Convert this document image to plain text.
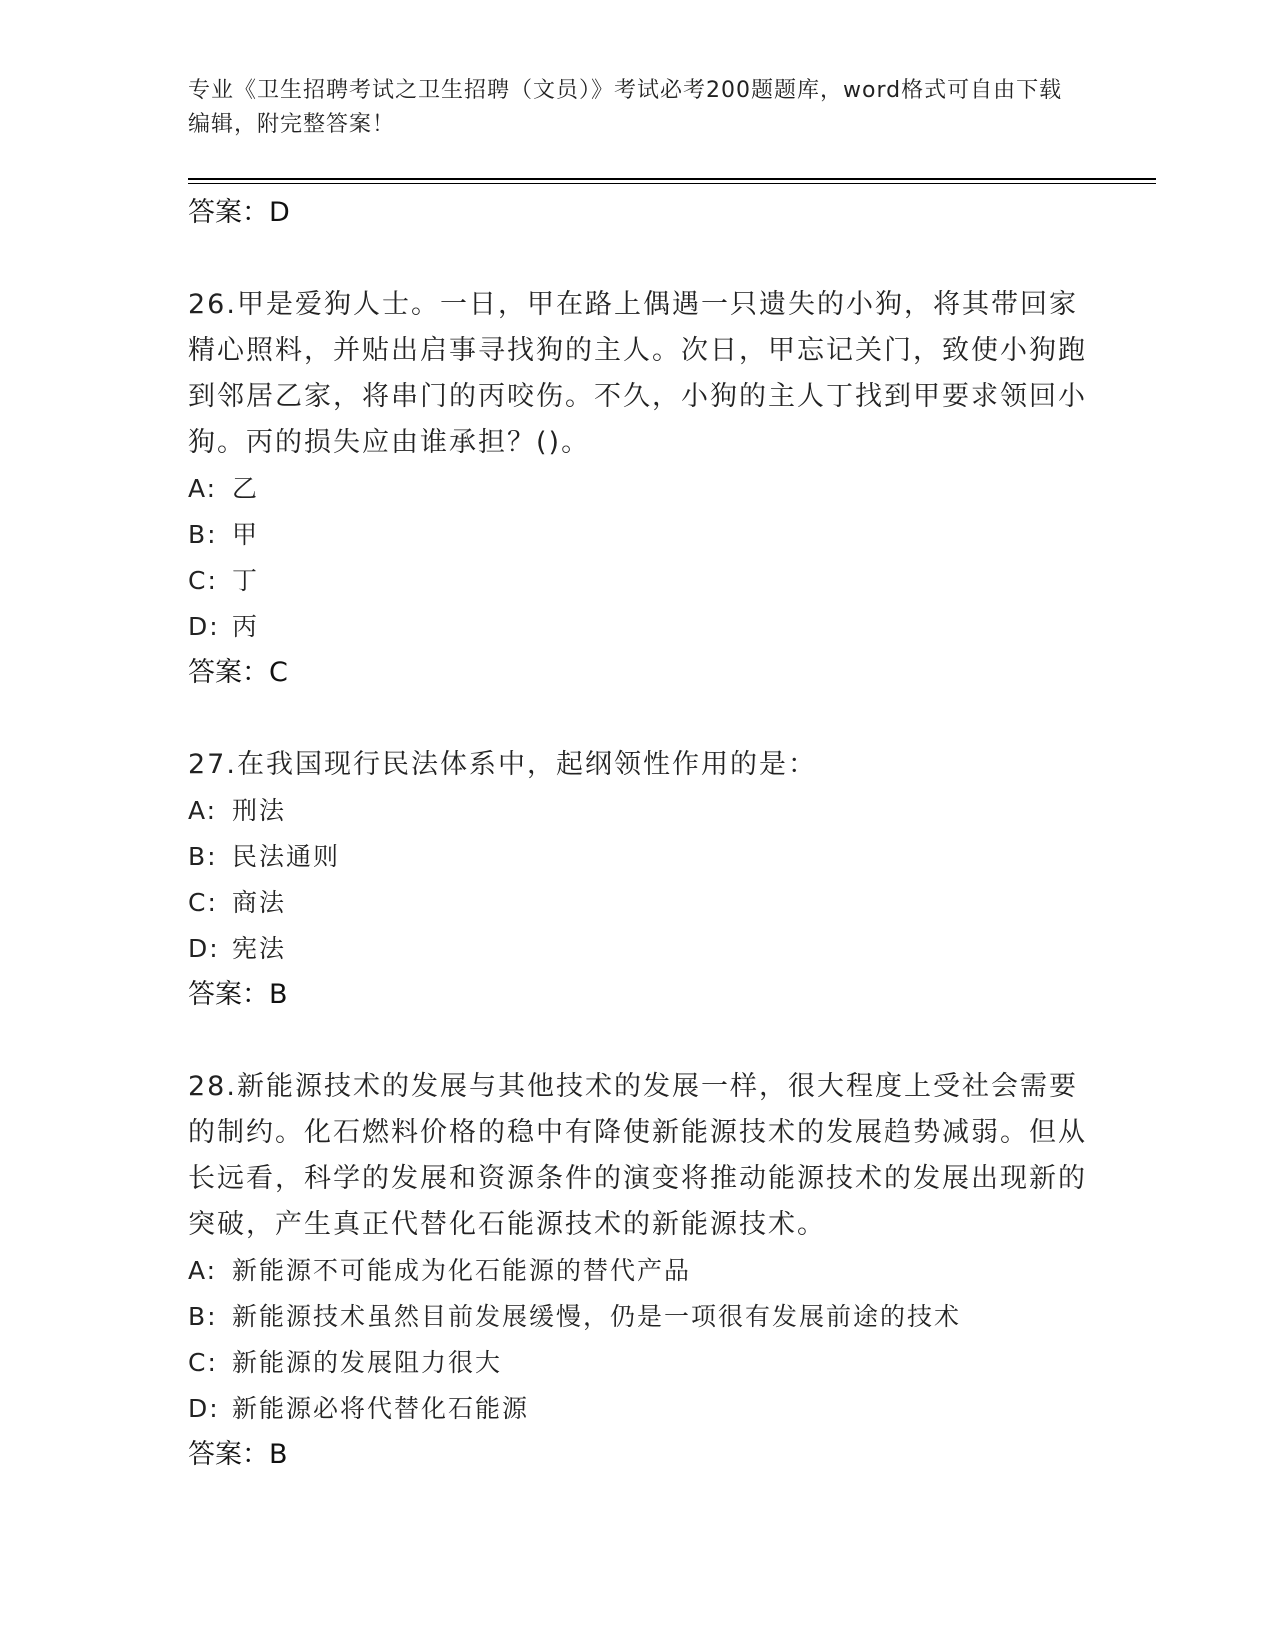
专业《卫生招聘考试之卫生招聘（文员）》考试必考200题题库，word格式可自由下载编辑，附完整答案！
答案：D
26.甲是爱狗人士。一日，甲在路上偶遇一只遗失的小狗，将其带回家精心照料，并贴出启事寻找狗的主人。次日，甲忘记关门，致使小狗跑到邻居乙家，将串门的丙咬伤。不久，小狗的主人丁找到甲要求领回小狗。丙的损失应由谁承担？()。
A: 乙
B: 甲
C: 丁
D: 丙
答案：C
27.在我国现行民法体系中，起纲领性作用的是：
A: 刑法
B: 民法通则
C: 商法
D: 宪法
答案：B
28.新能源技术的发展与其他技术的发展一样，很大程度上受社会需要的制约。化石燃料价格的稳中有降使新能源技术的发展趋势减弱。但从长远看，科学的发展和资源条件的演变将推动能源技术的发展出现新的突破，产生真正代替化石能源技术的新能源技术。
A: 新能源不可能成为化石能源的替代产品
B: 新能源技术虽然目前发展缓慢，仍是一项很有发展前途的技术
C: 新能源的发展阻力很大
D: 新能源必将代替化石能源
答案：B
